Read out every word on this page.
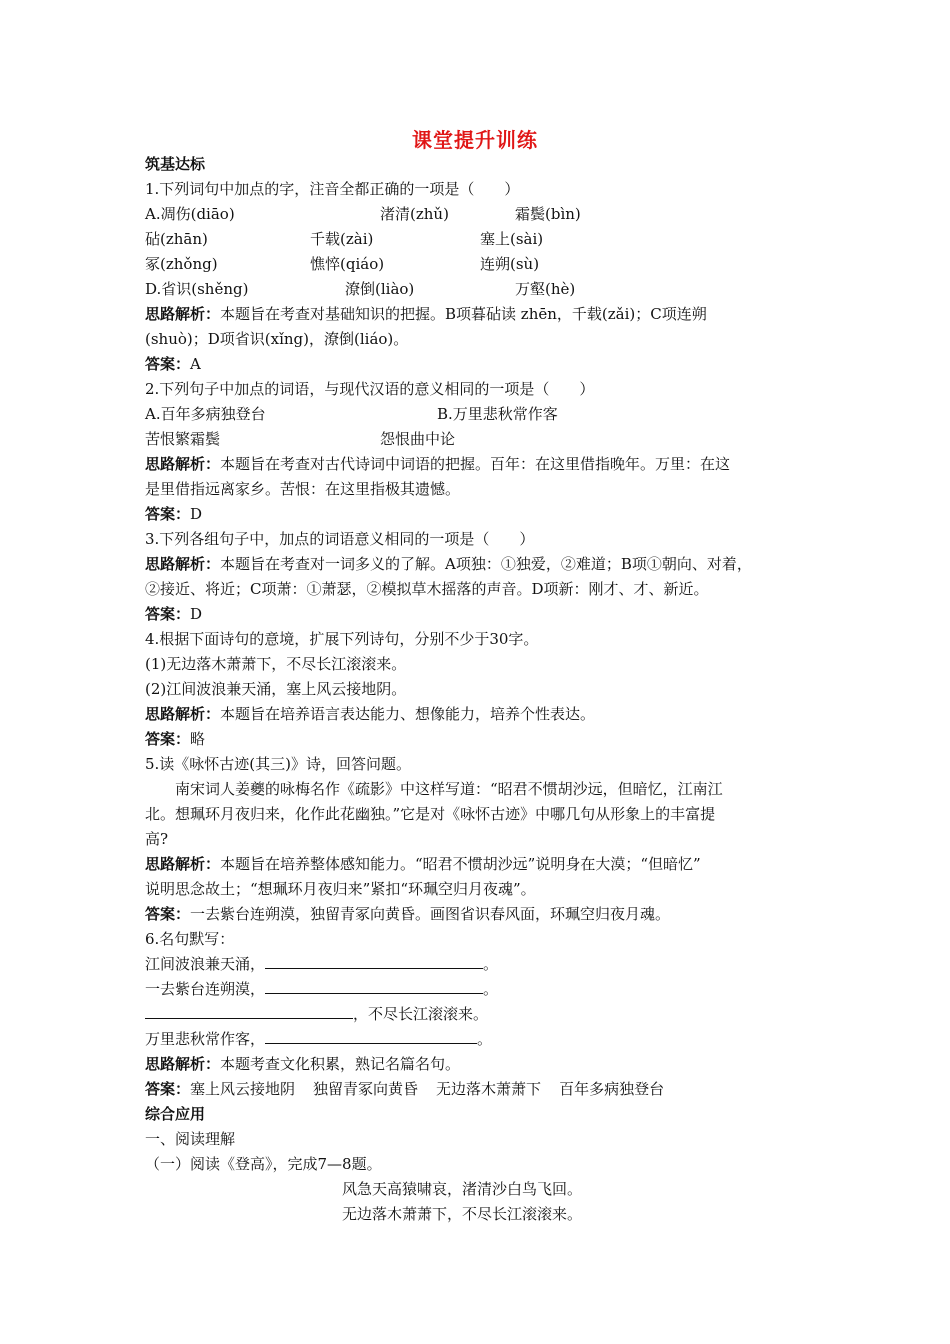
课堂提升训练
筑基达标
1.下列词句中加点的字，注音全都正确的一项是（　　）
A.凋伤(diāo)	渚清(zhǔ)	霜鬓(bìn)
砧(zhān)	千载(zài)	塞上(sài)
冢(zhǒng)	憔悴(qiáo)	连朔(sù)
D.省识(shěng)	潦倒(liào)	万壑(hè)
思路解析：本题旨在考查对基础知识的把握。B项暮砧读 zhēn，千载(zǎi)；C项连朔
(shuò)；D项省识(xǐng)，潦倒(liáo)。
答案：A
2.下列句子中加点的词语，与现代汉语的意义相同的一项是（　　）
A.百年多病独登台	B.万里悲秋常作客
苦恨繁霜鬓	怨恨曲中论
思路解析：本题旨在考查对古代诗词中词语的把握。百年：在这里借指晚年。万里：在这
是里借指远离家乡。苦恨：在这里指极其遗憾。
答案：D
3.下列各组句子中，加点的词语意义相同的一项是（　　）
思路解析：本题旨在考查对一词多义的了解。A项独：①独爱，②难道；B项①朝向、对着，
②接近、将近；C项萧：①萧瑟，②模拟草木摇落的声音。D项新：刚才、才、新近。
答案：D
4.根据下面诗句的意境，扩展下列诗句，分别不少于30字。
(1)无边落木萧萧下，不尽长江滚滚来。
(2)江间波浪兼天涌，塞上风云接地阴。
思路解析：本题旨在培养语言表达能力、想像能力，培养个性表达。
答案：略
5.读《咏怀古迹(其三)》诗，回答问题。
南宋词人姜夔的咏梅名作《疏影》中这样写道：“昭君不惯胡沙远，但暗忆，江南江
北。想珮环月夜归来，化作此花幽独。”它是对《咏怀古迹》中哪几句从形象上的丰富提
高?
思路解析：本题旨在培养整体感知能力。“昭君不惯胡沙远”说明身在大漠；“但暗忆”
说明思念故土；“想珮环月夜归来”紧扣“环珮空归月夜魂”。
答案：一去紫台连朔漠，独留青冢向黄昏。画图省识春风面，环珮空归夜月魂。
6.名句默写：
江间波浪兼天涌，	。
一去紫台连朔漠，	。
，不尽长江滚滚来。
万里悲秋常作客，	。
思路解析：本题考查文化积累，熟记名篇名句。
答案：塞上风云接地阴 独留青冢向黄昏 无边落木萧萧下 百年多病独登台
综合应用
一、阅读理解
（一）阅读《登高》，完成7—8题。
风急天高猿啸哀，渚清沙白鸟飞回。
无边落木萧萧下，不尽长江滚滚来。
